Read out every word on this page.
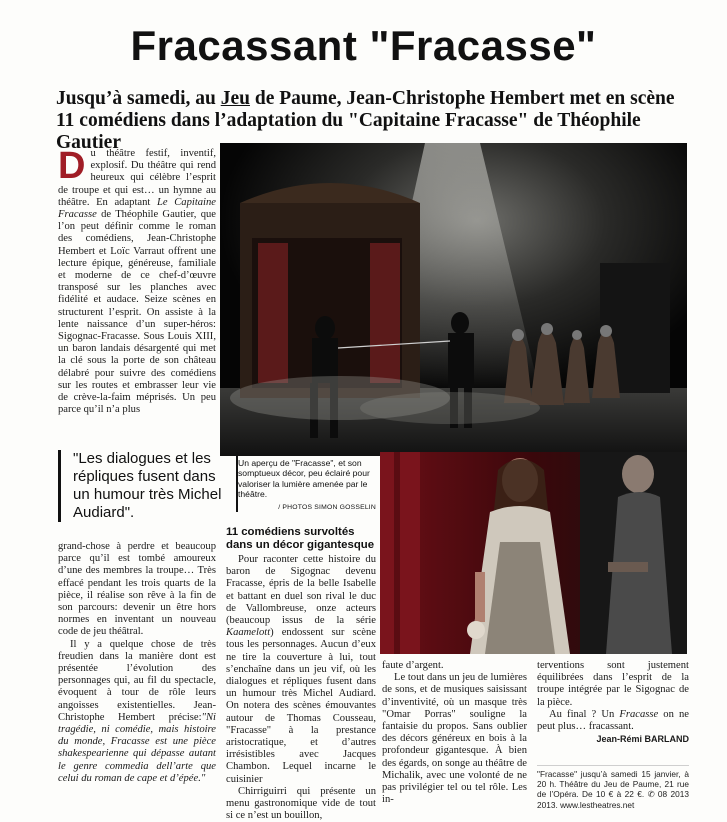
Fracassant "Fracasse"
Jusqu’à samedi, au Jeu de Paume, Jean-Christophe Hembert met en scène 11 comédiens dans l’adaptation du "Capitaine Fracasse" de Théophile Gautier

Du théâtre festif, inventif, explosif. Du théâtre qui rend heureux qui célèbre l’esprit de troupe et qui est… un hymne au théâtre. En adaptant Le Capitaine Fracasse de Théophile Gautier, que l’on peut définir comme le roman des comédiens, Jean-Christophe Hembert et Loïc Varraut offrent une lecture épique, généreuse, familiale et moderne de ce chef-d’œuvre transposé sur les planches avec fidélité et audace. Seize scènes en structurent l’esprit. On assiste à la lente naissance d’un super-héros: Sigognac-Fracasse. Sous Louis XIII, un baron landais désargenté qui met la clé sous la porte de son château délabré pour suivre des comédiens sur les routes et embrasser leur vie de crève-la-faim méprisés. Un peu parce qu’il n’a plus

"Les dialogues et les répliques fusent dans un humour très Michel Audiard".

grand-chose à perdre et beaucoup parce qu’il est tombé amoureux d’une des membres la troupe… Très effacé pendant les trois quarts de la pièce, il réalise son rêve à la fin de son parcours: devenir un être hors normes en inventant un nouveau code de jeu théâtral.

Il y a quelque chose de très freudien dans la manière dont est présentée l’évolution des personnages qui, au fil du spectacle, évoquent à tour de rôle leurs angoisses existentielles. Jean-Christophe Hembert précise:"Ni tragédie, ni comédie, mais histoire du monde, Fracasse est une pièce shakespearienne qui dépasse autant le genre commedia dell’arte que celui du roman de cape et d’épée."

Un aperçu de "Fracasse", et son somptueux décor, peu éclairé pour valoriser la lumière amenée par le théâtre.
/ PHOTOS SIMON GOSSELIN
11 comédiens survoltés dans un décor gigantesque

Pour raconter cette histoire du baron de Sigognac devenu Fracasse, épris de la belle Isabelle et battant en duel son rival le duc de Vallombreuse, onze acteurs (beaucoup issus de la série Kaamelott) endossent sur scène tous les personnages. Aucun d’eux ne tire la couverture à lui, tout s’enchaîne dans un jeu vif, où les dialogues et répliques fusent dans un humour très Michel Audiard. On notera des scènes émouvantes autour de Thomas Cousseau, "Fracasse" à la prestance aristocratique, et d’autres irrésistibles avec Jacques Chambon. Lequel incarne le cuisinier

Chirriguirri qui présente un menu gastronomique vide de tout si ce n’est un bouillon,

faute d’argent.

Le tout dans un jeu de lumières de sons, et de musiques saisissant d’inventivité, où un masque très "Omar Porras" souligne la fantaisie du propos. Sans oublier des décors généreux en bois à la profondeur gigantesque. À bien des égards, on songe au théâtre de Michalik, avec une volonté de ne pas privilégier tel ou tel rôle. Les in-

terventions sont justement équilibrées dans l’esprit de la troupe intégrée par le Sigognac de la pièce.

Au final ? Un Fracasse on ne peut plus… fracassant.

Jean-Rémi BARLAND

"Fracasse" jusqu’à samedi 15 janvier, à 20 h. Théâtre du Jeu de Paume, 21 rue de l’Opéra. De 10 € à 22 €. ✆ 08 2013 2013. www.lestheatres.net
